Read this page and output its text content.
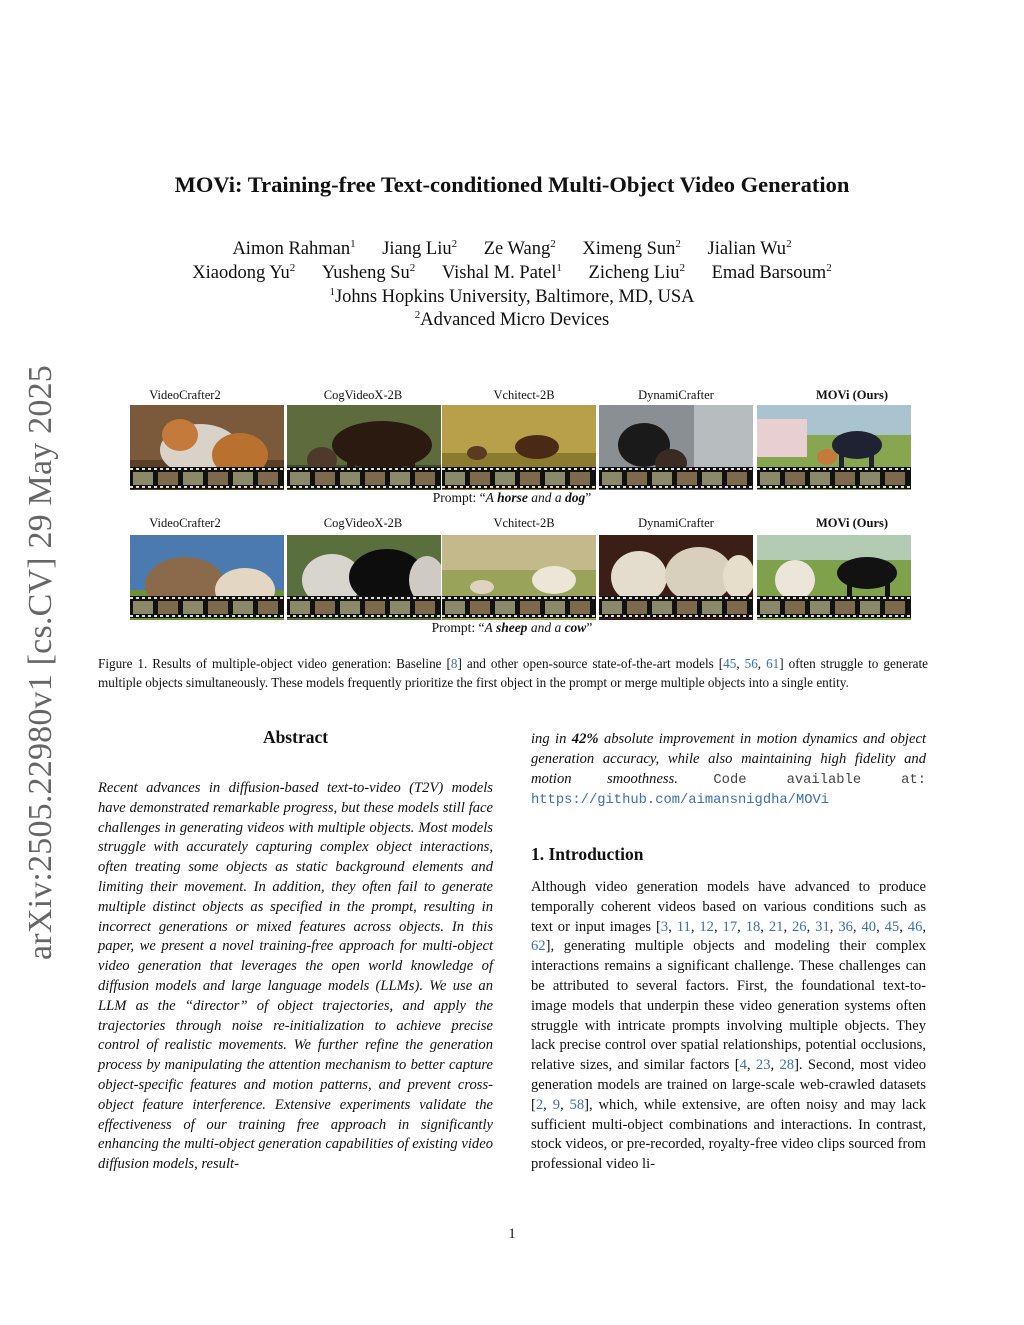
arXiv:2505.22980v1 [cs.CV] 29 May 2025
MOVi: Training-free Text-conditioned Multi-Object Video Generation
Aimon Rahman$^1$ Jiang Liu$^2$ Ze Wang$^2$ Ximeng Sun$^2$ Jialian Wu$^2$
Xiaodong Yu$^2$ Yusheng Su$^2$ Vishal M. Patel$^1$ Zicheng Liu$^2$ Emad Barsoum$^2$
$^1$Johns Hopkins University, Baltimore, MD, USA
$^2$Advanced Micro Devices
VideoCrafter2	CogVideoX-2B	Vchitect-2B	DynamiCrafter	MOVi (Ours)
Prompt: “A horse and a dog”
VideoCrafter2	CogVideoX-2B	Vchitect-2B	DynamiCrafter	MOVi (Ours)
Prompt: “A sheep and a cow”
Figure 1. Results of multiple-object video generation: Baseline [8] and other open-source state-of-the-art models [45, 56, 61] often struggle to generate multiple objects simultaneously. These models frequently prioritize the first object in the prompt or merge multiple objects into a single entity.
Abstract
Recent advances in diffusion-based text-to-video (T2V) models have demonstrated remarkable progress, but these models still face challenges in generating videos with multiple objects. Most models struggle with accurately capturing complex object interactions, often treating some objects as static background elements and limiting their movement. In addition, they often fail to generate multiple distinct objects as specified in the prompt, resulting in incorrect generations or mixed features across objects. In this paper, we present a novel training-free approach for multi-object video generation that leverages the open world knowledge of diffusion models and large language models (LLMs). We use an LLM as the “director” of object trajectories, and apply the trajectories through noise re-initialization to achieve precise control of realistic movements. We further refine the generation process by manipulating the attention mechanism to better capture object-specific features and motion patterns, and prevent cross-object feature interference. Extensive experiments validate the effectiveness of our training free approach in significantly enhancing the multi-object generation capabilities of existing video diffusion models, result-
ing in 42% absolute improvement in motion dynamics and object generation accuracy, while also maintaining high fidelity and motion smoothness.	Code available at: https://github.com/aimansnigdha/MOVi
1. Introduction
Although video generation models have advanced to produce temporally coherent videos based on various conditions such as text or input images [3, 11, 12, 17, 18, 21, 26, 31, 36, 40, 45, 46, 62], generating multiple objects and modeling their complex interactions remains a significant challenge. These challenges can be attributed to several factors. First, the foundational text-to-image models that underpin these video generation systems often struggle with intricate prompts involving multiple objects. They lack precise control over spatial relationships, potential occlusions, relative sizes, and similar factors [4, 23, 28]. Second, most video generation models are trained on large-scale web-crawled datasets [2, 9, 58], which, while extensive, are often noisy and may lack sufficient multi-object combinations and interactions. In contrast, stock videos, or pre-recorded, royalty-free video clips sourced from professional video li-
1
